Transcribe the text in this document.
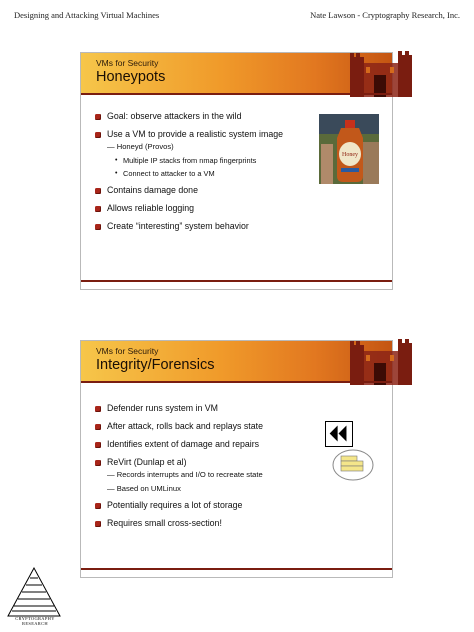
Designing and Attacking Virtual Machines	Nate Lawson - Cryptography Research, Inc.
VMs for Security
Honeypots
Goal: observe attackers in the wild
Use a VM to provide a realistic system image
— Honeyd (Provos)
• Multiple IP stacks from nmap fingerprints
• Connect to attacker to a VM
Contains damage done
Allows reliable logging
Create “interesting” system behavior
Honey
VMs for Security
Integrity/Forensics
Defender runs system in VM
After attack, rolls back and replays state
Identifies extent of damage and repairs
ReVirt (Dunlap et al)
— Records interrupts and I/O to recreate state
— Based on UMLinux
Potentially requires a lot of storage
Requires small cross-section!
CRYPTOGRAPHY RESEARCH
